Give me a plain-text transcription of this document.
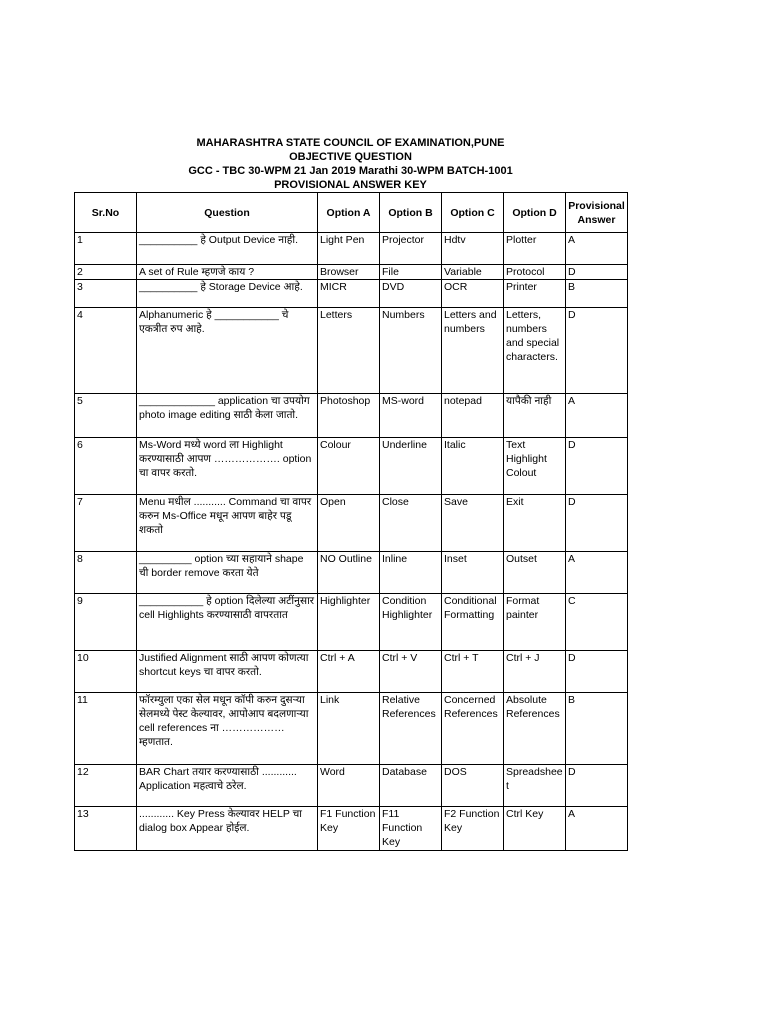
MAHARASHTRA STATE COUNCIL OF EXAMINATION,PUNE
OBJECTIVE QUESTION
GCC - TBC 30-WPM 21 Jan 2019 Marathi 30-WPM BATCH-1001
PROVISIONAL ANSWER KEY
Sr.No	Question	Option A	Option B	Option C	Option D	Provisional Answer
1	__________ हे Output Device नाही.	Light Pen	Projector	Hdtv	Plotter	A
2	A set of Rule म्हणजे काय ?	Browser	File	Variable	Protocol	D
3	__________ हे Storage Device आहे.	MICR	DVD	OCR	Printer	B
4	Alphanumeric हे ___________ चे एकत्रीत रुप आहे.	Letters	Numbers	Letters and numbers	Letters, numbers and special characters.	D
5	_____________ application चा उपयोग photo image editing साठी केला जातो.	Photoshop	MS-word	notepad	यापैकी नाही	A
6	Ms-Word मध्ये word ला Highlight करण्यासाठी आपण ………………. option चा वापर करतो.	Colour	Underline	Italic	Text Highlight Colout	D
7	Menu मधील ........... Command चा वापर करुन Ms-Office मधून आपण बाहेर पडू शकतो	Open	Close	Save	Exit	D
8	_________ option च्या सहायाने shape ची border remove करता येते	NO Outline	Inline	Inset	Outset	A
9	___________ हे option दिलेल्या अटींनुसार cell Highlights करण्यासाठी वापरतात	Highlighter	Condition Highlighter	Conditional Formatting	Format painter	C
10	Justified Alignment साठी आपण कोणत्या shortcut keys चा वापर करतो.	Ctrl + A	Ctrl + V	Ctrl + T	Ctrl + J	D
11	फॉरम्युला एका सेल मधून कॉपी करुन दुसऱ्या सेलमध्ये पेस्ट केल्यावर, आपोआप बदलणाऱ्या cell references ना ……………… म्हणतात.	Link	Relative References	Concerned References	Absolute References	B
12	BAR Chart तयार करण्यासाठी ............ Application महत्वाचे ठरेल.	Word	Database	DOS	Spreadsheet	D
13	............ Key Press केल्यावर HELP चा dialog box Appear होईल.	F1 Function Key	F11 Function Key	F2 Function Key	Ctrl Key	A
